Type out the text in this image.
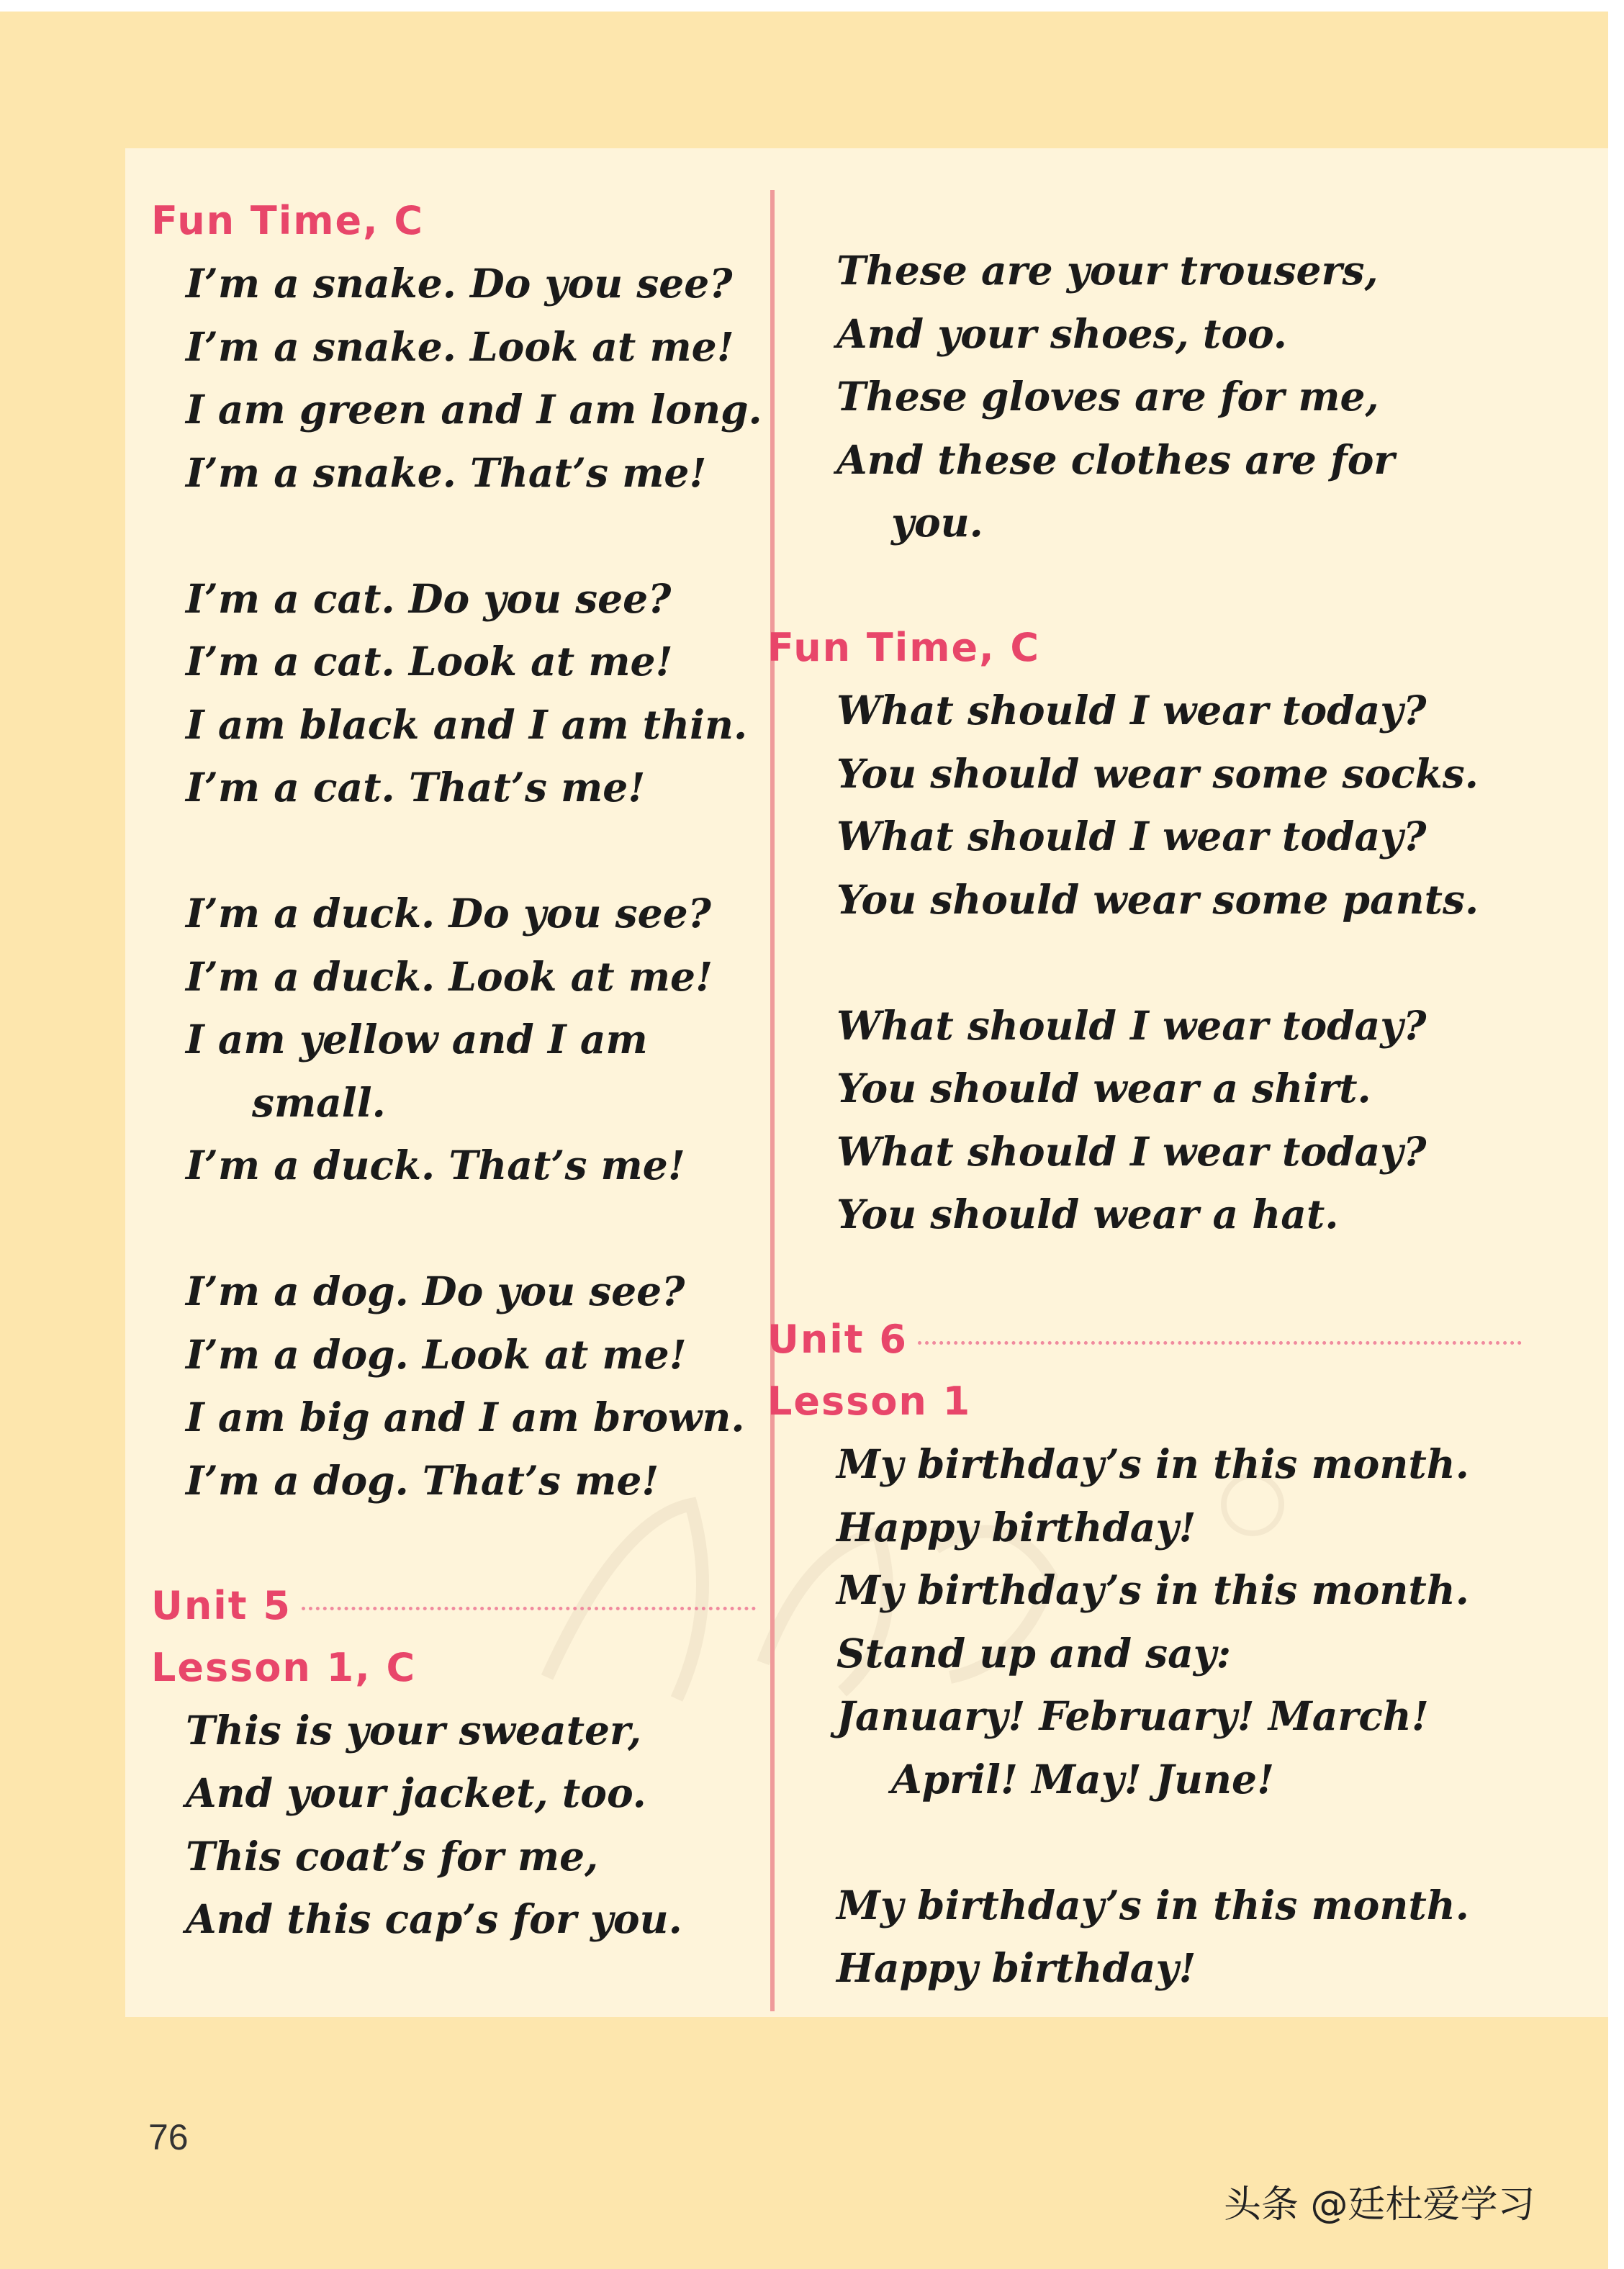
Fun Time, C
I’m a snake. Do you see?
I’m a snake. Look at me!
I am green and I am long.
I’m a snake. That’s me!
I’m a cat. Do you see?
I’m a cat. Look at me!
I am black and I am thin.
I’m a cat. That’s me!
I’m a duck. Do you see?
I’m a duck. Look at me!
I am yellow and I am
small.
I’m a duck. That’s me!
I’m a dog. Do you see?
I’m a dog. Look at me!
I am big and I am brown.
I’m a dog. That’s me!
Unit 5
Lesson 1, C
This is your sweater,
And your jacket, too.
This coat’s for me,
And this cap’s for you.
These are your trousers,
And your shoes, too.
These gloves are for me,
And these clothes are for
you.
Fun Time, C
What should I wear today?
You should wear some socks.
What should I wear today?
You should wear some pants.
What should I wear today?
You should wear a shirt.
What should I wear today?
You should wear a hat.
Unit 6
Lesson 1
My birthday’s in this month.
Happy birthday!
My birthday’s in this month.
Stand up and say:
January! February! March!
April! May! June!
My birthday’s in this month.
Happy birthday!
76
头条 @廷杜爱学习
